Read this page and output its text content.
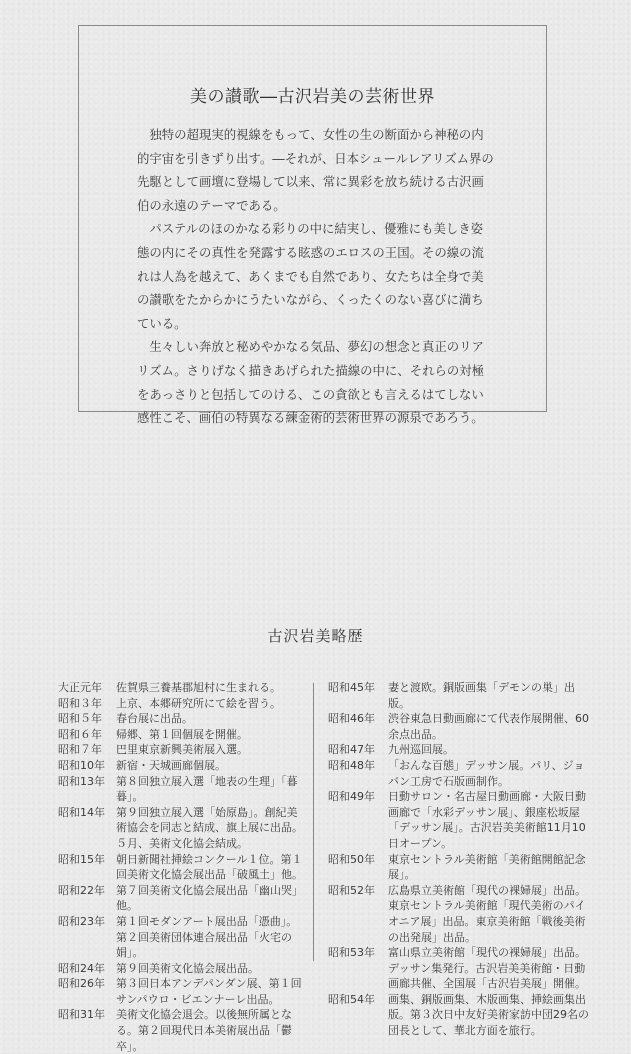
美の讃歌―古沢岩美の芸術世界

独特の超現実的視線をもって、女性の生の断面から神秘の内的宇宙を引きずり出す。―それが、日本シュールレアリズム界の先駆として画壇に登場して以来、常に異彩を放ち続ける古沢画伯の永遠のテーマである。

パステルのほのかなる彩りの中に結実し、優雅にも美しき姿態の内にその真性を発露する眩惑のエロスの王国。その線の流れは人為を越えて、あくまでも自然であり、女たちは全身で美の讃歌をたからかにうたいながら、くったくのない喜びに満ちている。

生々しい奔放と秘めやかなる気品、夢幻の想念と真正のリアリズム。さりげなく描きあげられた描線の中に、それらの対極をあっさりと包括してのける、この貪欲とも言えるはてしない感性こそ、画伯の特異なる練金術的芸術世界の源泉であろう。

古沢岩美略歴
大正元年	佐賀県三養基郡旭村に生まれる。
昭和３年	上京、本郷研究所にて絵を習う。
昭和５年	春台展に出品。
昭和６年	帰郷、第１回個展を開催。
昭和７年	巴里東京新興美術展入選。
昭和10年	新宿・天城画廊個展。
昭和13年	第８回独立展入選「地表の生理」「暮暮」。
昭和14年	第９回独立展入選「始原島」。創紀美術協会を同志と結成、旗上展に出品。５月、美術文化協会結成。
昭和15年	朝日新聞社挿絵コンクール１位。第１回美術文化協会展出品「破風土」他。
昭和22年	第７回美術文化協会展出品「幽山哭」他。
昭和23年	第１回モダンアート展出品「憑曲」。第２回美術団体連合展出品「火宅の娟」。
昭和24年	第９回美術文化協会展出品。
昭和26年	第３回日本アンデパンダン展、第１回サンパウロ・ビエンナーレ出品。
昭和31年	美術文化協会退会。以後無所属となる。第２回現代日本美術展出品「鬱卒」。
昭和45年	妻と渡欧。銅版画集「デモンの巣」出版。
昭和46年	渋谷東急日動画廊にて代表作展開催、60余点出品。
昭和47年	九州巡回展。
昭和48年	「おんな百態」デッサン展。パリ、ジョバン工房で石版画制作。
昭和49年	日動サロン・名古屋日動画廊・大阪日動画廊で「水彩デッサン展」、銀座松坂屋「デッサン展」。古沢岩美美術館11月10日オープン。
昭和50年	東京セントラル美術館「美術館開館記念展」。
昭和52年	広島県立美術館「現代の裸婦展」出品。東京セントラル美術館「現代美術のパイオニア展」出品。東京美術館「戦後美術の出発展」出品。
昭和53年	富山県立美術館「現代の裸婦展」出品。デッサン集発行。古沢岩美美術館・日動画廊共催、全国展「古沢岩美展」開催。
昭和54年	画集、銅版画集、木版画集、挿絵画集出版。第３次日中友好美術家訪中団29名の団長として、華北方面を旅行。
